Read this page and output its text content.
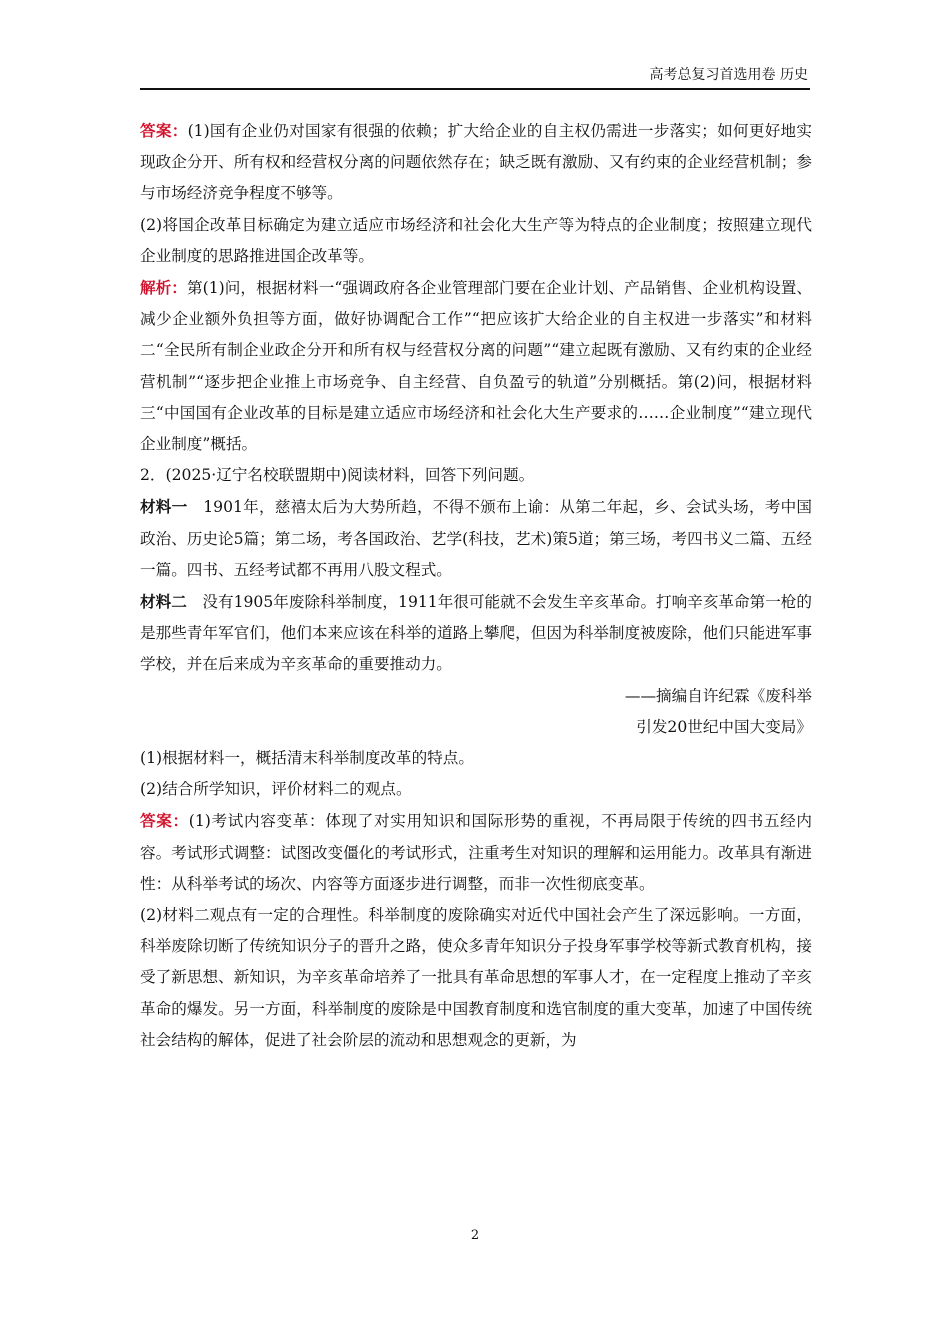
高考总复习首选用卷 历史

答案：(1)国有企业仍对国家有很强的依赖；扩大给企业的自主权仍需进一步落实；如何更好地实现政企分开、所有权和经营权分离的问题依然存在；缺乏既有激励、又有约束的企业经营机制；参与市场经济竞争程度不够等。

(2)将国企改革目标确定为建立适应市场经济和社会化大生产等为特点的企业制度；按照建立现代企业制度的思路推进国企改革等。

解析：第(1)问，根据材料一“强调政府各企业管理部门要在企业计划、产品销售、企业机构设置、减少企业额外负担等方面，做好协调配合工作”“把应该扩大给企业的自主权进一步落实”和材料二“全民所有制企业政企分开和所有权与经营权分离的问题”“建立起既有激励、又有约束的企业经营机制”“逐步把企业推上市场竞争、自主经营、自负盈亏的轨道”分别概括。第(2)问，根据材料三“中国国有企业改革的目标是建立适应市场经济和社会化大生产要求的……企业制度”“建立现代企业制度”概括。

2．(2025·辽宁名校联盟期中)阅读材料，回答下列问题。

材料一　1901年，慈禧太后为大势所趋，不得不颁布上谕：从第二年起，乡、会试头场，考中国政治、历史论5篇；第二场，考各国政治、艺学(科技，艺术)策5道；第三场，考四书义二篇、五经一篇。四书、五经考试都不再用八股文程式。

材料二　没有1905年废除科举制度，1911年很可能就不会发生辛亥革命。打响辛亥革命第一枪的是那些青年军官们，他们本来应该在科举的道路上攀爬，但因为科举制度被废除，他们只能进军事学校，并在后来成为辛亥革命的重要推动力。

——摘编自许纪霖《废科举

引发20世纪中国大变局》

(1)根据材料一，概括清末科举制度改革的特点。

(2)结合所学知识，评价材料二的观点。

答案：(1)考试内容变革：体现了对实用知识和国际形势的重视，不再局限于传统的四书五经内容。考试形式调整：试图改变僵化的考试形式，注重考生对知识的理解和运用能力。改革具有渐进性：从科举考试的场次、内容等方面逐步进行调整，而非一次性彻底变革。

(2)材料二观点有一定的合理性。科举制度的废除确实对近代中国社会产生了深远影响。一方面，科举废除切断了传统知识分子的晋升之路，使众多青年知识分子投身军事学校等新式教育机构，接受了新思想、新知识，为辛亥革命培养了一批具有革命思想的军事人才，在一定程度上推动了辛亥革命的爆发。另一方面，科举制度的废除是中国教育制度和选官制度的重大变革，加速了中国传统社会结构的解体，促进了社会阶层的流动和思想观念的更新，为

2
